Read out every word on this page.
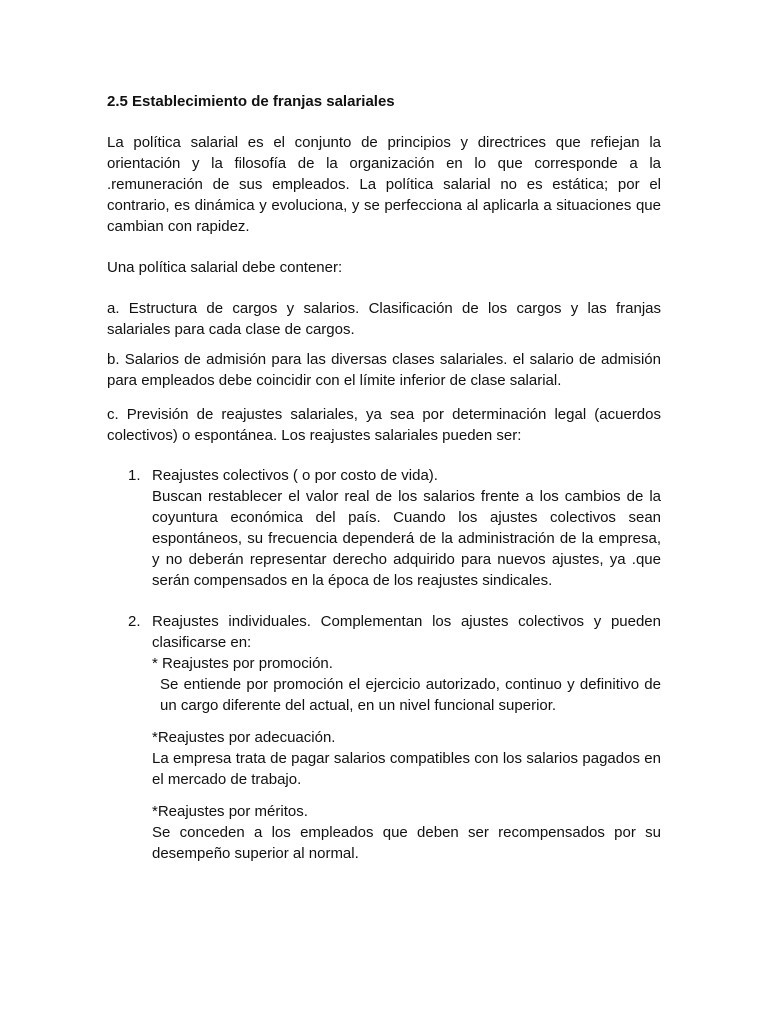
2.5 Establecimiento de franjas salariales

La política salarial es el conjunto de principios y directrices que refiejan la orientación y la filosofía de la organización en lo que corresponde a la .remuneración de sus empleados. La política salarial no es estática; por el contrario, es dinámica y evoluciona, y se perfecciona al aplicarla a situaciones que cambian con rapidez.

Una política salarial debe contener:

a. Estructura de cargos y salarios. Clasificación de los cargos y las franjas salariales para cada clase de cargos.

b. Salarios de admisión para las diversas clases salariales. el salario de admisión para empleados debe coincidir con el límite inferior de clase salarial.

c. Previsión de reajustes salariales, ya sea por determinación legal (acuerdos colectivos) o espontánea. Los reajustes salariales pueden ser:

1. Reajustes colectivos ( o por costo de vida).

Buscan restablecer el valor real de los salarios frente a los cambios de la coyuntura económica del país. Cuando los ajustes colectivos sean espontáneos, su frecuencia dependerá de la administración de la empresa, y no deberán representar derecho adquirido para nuevos ajustes, ya .que serán compensados en la época de los reajustes sindicales.

2. Reajustes individuales. Complementan los ajustes colectivos y pueden clasificarse en:

* Reajustes por promoción.

Se entiende por promoción el ejercicio autorizado, continuo y definitivo de un cargo diferente del actual, en un nivel funcional superior.

*Reajustes por adecuación.

La empresa trata de pagar salarios compatibles con los salarios pagados en el mercado de trabajo.

*Reajustes por méritos.

Se conceden a los empleados que deben ser recompensados por su desempeño superior al normal.
